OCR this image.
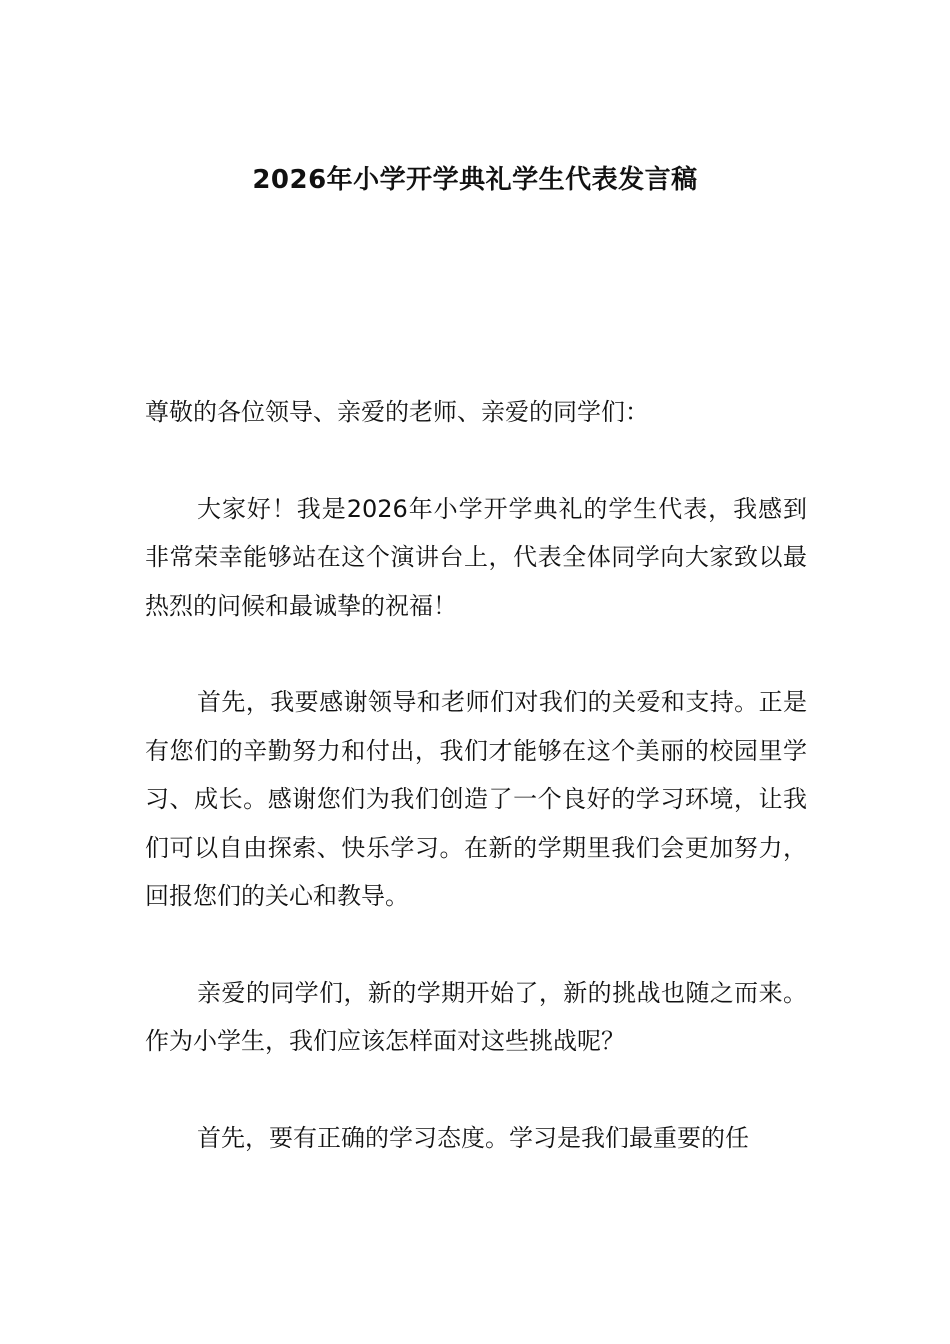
2026年小学开学典礼学生代表发言稿

尊敬的各位领导、亲爱的老师、亲爱的同学们：

大家好！我是2026年小学开学典礼的学生代表，我感到非常荣幸能够站在这个演讲台上，代表全体同学向大家致以最热烈的问候和最诚挚的祝福！

首先，我要感谢领导和老师们对我们的关爱和支持。正是有您们的辛勤努力和付出，我们才能够在这个美丽的校园里学习、成长。感谢您们为我们创造了一个良好的学习环境，让我们可以自由探索、快乐学习。在新的学期里我们会更加努力，回报您们的关心和教导。

亲爱的同学们，新的学期开始了，新的挑战也随之而来。作为小学生，我们应该怎样面对这些挑战呢？

首先，要有正确的学习态度。学习是我们最重要的任
